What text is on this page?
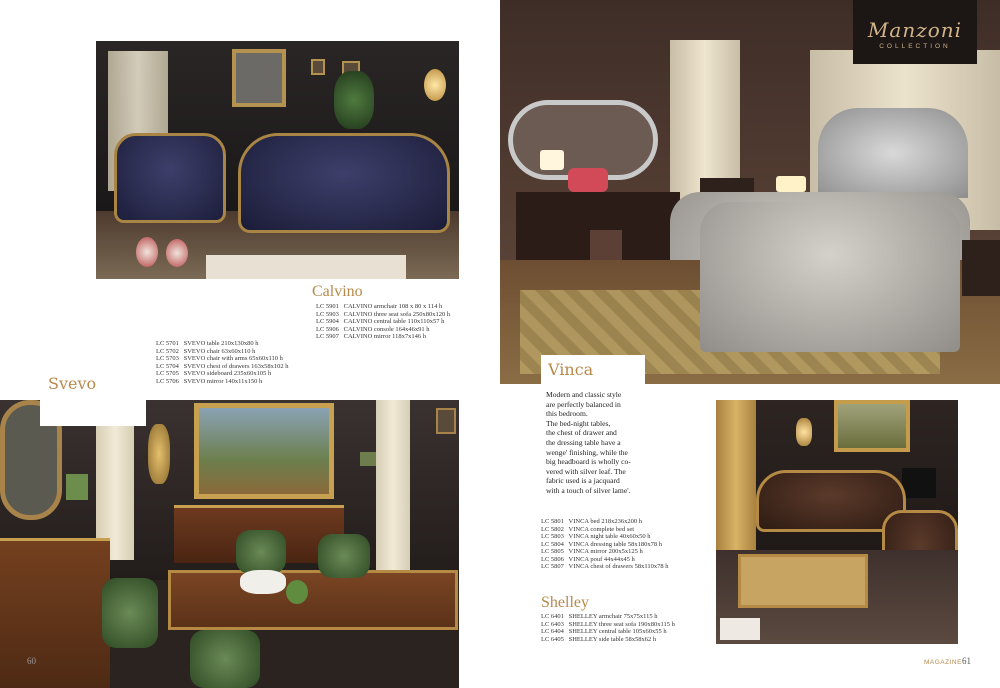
Calvino
LC 5901 CALVINO armchair 108 x 80 x 114 h
LC 5903 CALVINO three seat sofa 250x80x120 h
LC 5904 CALVINO central table 110x110x57 h
LC 5906 CALVINO console 164x46x91 h
LC 5907 CALVINO mirror 118x7x146 h
LC 5701 SVEVO table 210x130x80 h
LC 5702 SVEVO chair 63x60x110 h
LC 5703 SVEVO chair with arms 65x60x110 h
LC 5704 SVEVO chest of drawers 163x58x102 h
LC 5705 SVEVO sideboard 235x60x105 h
LC 5706 SVEVO mirror 140x11x150 h
Svevo
60
Manzoni
COLLECTION
Vinca
Modern and classic style
are perfectly balanced in
this bedroom.
The bed-night tables,
the chest of drawer and
the dressing table have a
wenge' finishing, while the
big headboard is wholly co-
vered with silver leaf. The
fabric used is a jacquard
with a touch of silver lame'.
LC 5801 VINCA bed 218x236x200 h
LC 5802 VINCA complete bed set
LC 5803 VINCA night table 40x60x50 h
LC 5804 VINCA dressing table 58x180x78 h
LC 5805 VINCA mirror 200x5x125 h
LC 5806 VINCA pouf 44x44x45 h
LC 5807 VINCA chest of drawers 58x110x78 h
Shelley
LC 6401 SHELLEY armchair 75x75x115 h
LC 6403 SHELLEY three seat sofa 190x80x115 h
LC 6404 SHELLEY central table 105x60x55 h
LC 6405 SHELLEY side table 58x58x62 h
MAGAZINE 61
